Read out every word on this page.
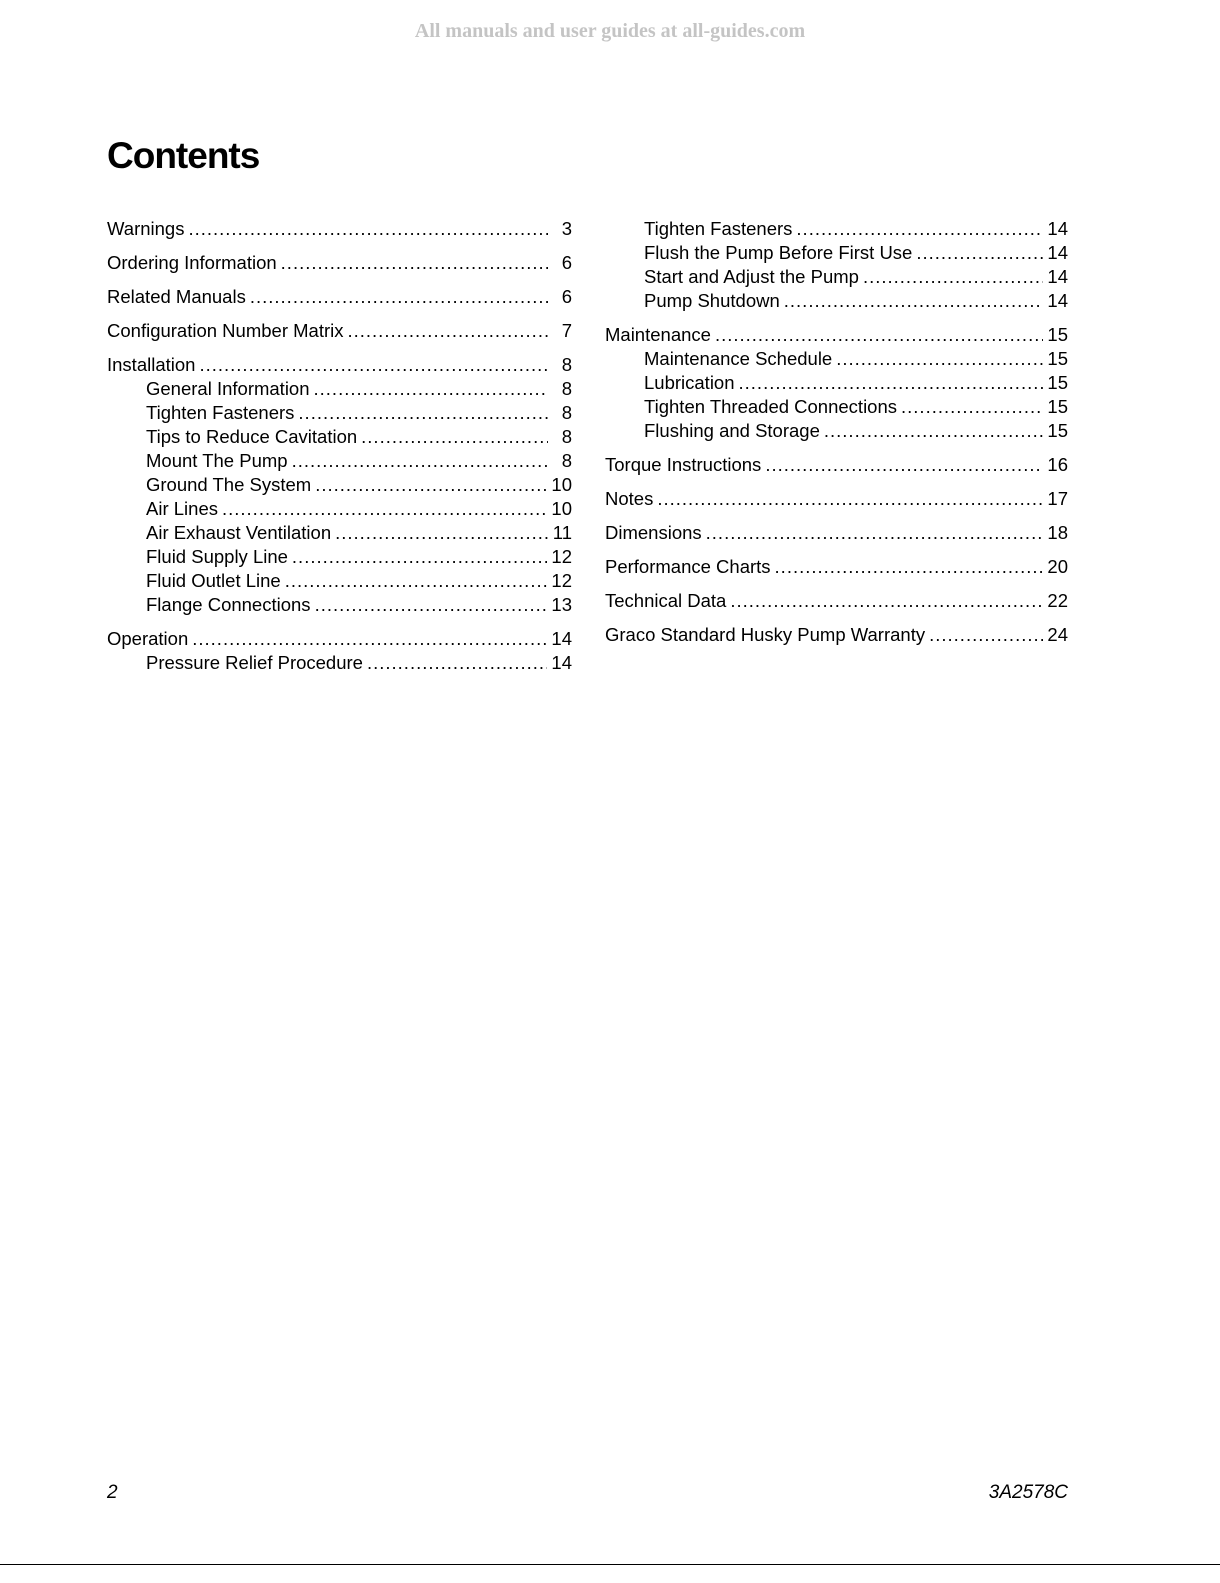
All manuals and user guides at all-guides.com
Contents
Warnings .....	3
Ordering Information .....	6
Related Manuals .....	6
Configuration Number Matrix .....	7
Installation .....	8
General Information .....	8
Tighten Fasteners .....	8
Tips to Reduce Cavitation .....	8
Mount The Pump .....	8
Ground The System .....	10
Air Lines .....	10
Air Exhaust Ventilation .....	11
Fluid Supply Line .....	12
Fluid Outlet Line .....	12
Flange Connections .....	13
Operation .....	14
Pressure Relief Procedure .....	14
Tighten Fasteners .....	14
Flush the Pump Before First Use .....	14
Start and Adjust the Pump .....	14
Pump Shutdown .....	14
Maintenance .....	15
Maintenance Schedule .....	15
Lubrication .....	15
Tighten Threaded Connections .....	15
Flushing and Storage .....	15
Torque Instructions .....	16
Notes .....	17
Dimensions .....	18
Performance Charts .....	20
Technical Data .....	22
Graco Standard Husky Pump Warranty .....	24
2	3A2578C
